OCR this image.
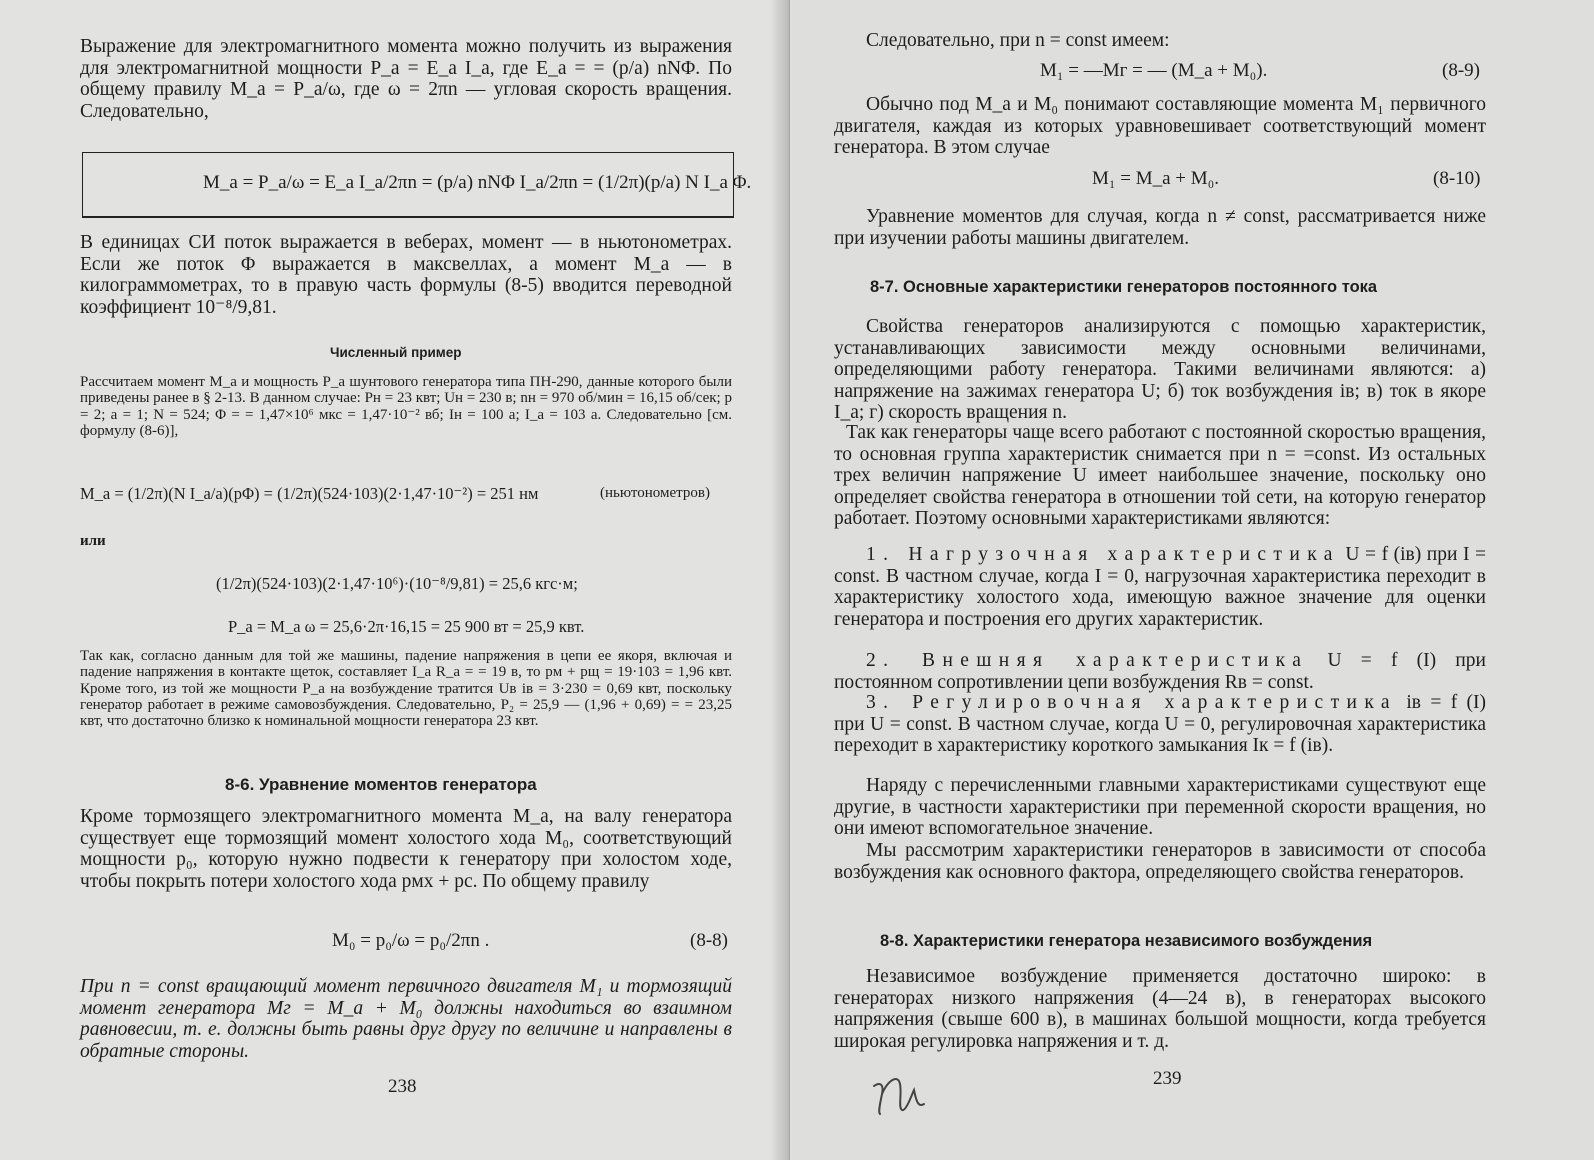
Выражение для электромагнитного момента можно получить из выражения для электромагнитной мощности P_a = E_a I_a, где E_a = = (p/a) nNΦ. По общему правилу M_a = P_a/ω, где ω = 2πn — угловая скорость вращения. Следовательно,

M_a = P_a/ω = E_a I_a/2πn = (p/a) nNΦ I_a/2πn = (1/2π)(p/a) N I_a Φ.

В единицах СИ поток выражается в веберах, момент — в ньютонометрах. Если же поток Φ выражается в максвеллах, а момент M_a — в килограммометрах, то в правую часть формулы (8-5) вводится переводной коэффициент 10⁻⁸/9,81.

Численный пример

Рассчитаем момент M_a и мощность P_a шунтового генератора типа ПН-290, данные которого были приведены ранее в § 2-13. В данном случае: Pн = 23 квт; Uн = 230 в; nн = 970 об/мин = 16,15 об/сек; p = 2; a = 1; N = 524; Φ = = 1,47×10⁶ мкс = 1,47·10⁻² вб; Iн = 100 а; I_a = 103 а. Следовательно [см. формулу (8-6)],

M_a = (1/2π)(N I_a/a)(pΦ) = (1/2π)(524·103)(2·1,47·10⁻²) = 251 нм	(ньютонометров)
или
(1/2π)(524·103)(2·1,47·10⁶)·(10⁻⁸/9,81) = 25,6 кгс·м;
P_a = M_a ω = 25,6·2π·16,15 = 25 900 вт = 25,9 квт.

Так как, согласно данным для той же машины, падение напряжения в цепи ее якоря, включая и падение напряжения в контакте щеток, составляет I_a R_a = = 19 в, то pм + pщ = 19·103 = 1,96 квт. Кроме того, из той же мощности P_a на возбуждение тратится Uв iв = 3·230 = 0,69 квт, поскольку генератор работает в режиме самовозбуждения. Следовательно, P₂ = 25,9 — (1,96 + 0,69) = = 23,25 квт, что достаточно близко к номинальной мощности генератора 23 квт.

8-6. Уравнение моментов генератора

Кроме тормозящего электромагнитного момента M_a, на валу генератора существует еще тормозящий момент холостого хода M₀, соответствующий мощности p₀, которую нужно подвести к генератору при холостом ходе, чтобы покрыть потери холостого хода pмх + pс. По общему правилу

M₀ = p₀/ω = p₀/2πn .	(8-8)

При n = const вращающий момент первичного двигателя M₁ и тормозящий момент генератора Mг = M_a + M₀ должны находиться во взаимном равновесии, т. е. должны быть равны друг другу по величине и направлены в обратные стороны.

238
Следовательно, при n = const имеем:
M₁ = —Mг = — (M_a + M₀).	(8-9)

Обычно под M_a и M₀ понимают составляющие момента M₁ первичного двигателя, каждая из которых уравновешивает соответствующий момент генератора. В этом случае

M₁ = M_a + M₀.	(8-10)

Уравнение моментов для случая, когда n ≠ const, рассматривается ниже при изучении работы машины двигателем.

8-7. Основные характеристики генераторов постоянного тока

Свойства генераторов анализируются с помощью характеристик, устанавливающих зависимости между основными величинами, определяющими работу генератора. Такими величинами являются: а) напряжение на зажимах генератора U; б) ток возбуждения iв; в) ток в якоре I_a; г) скорость вращения n.

Так как генераторы чаще всего работают с постоянной скоростью вращения, то основная группа характеристик снимается при n = =const. Из остальных трех величин напряжение U имеет наибольшее значение, поскольку оно определяет свойства генератора в отношении той сети, на которую генератор работает. Поэтому основными характеристиками являются:

1. Нагрузочная характеристика U = f (iв) при I = const. В частном случае, когда I = 0, нагрузочная характеристика переходит в характеристику холостого хода, имеющую важное значение для оценки генератора и построения его других характеристик.

2. Внешняя характеристика U = f (I) при постоянном сопротивлении цепи возбуждения Rв = const.

3. Регулировочная характеристика iв = f (I) при U = const. В частном случае, когда U = 0, регулировочная характеристика переходит в характеристику короткого замыкания Iк = f (iв).

Наряду с перечисленными главными характеристиками существуют еще другие, в частности характеристики при переменной скорости вращения, но они имеют вспомогательное значение.

Мы рассмотрим характеристики генераторов в зависимости от способа возбуждения как основного фактора, определяющего свойства генераторов.

8-8. Характеристики генератора независимого возбуждения

Независимое возбуждение применяется достаточно широко: в генераторах низкого напряжения (4—24 в), в генераторах высокого напряжения (свыше 600 в), в машинах большой мощности, когда требуется широкая регулировка напряжения и т. д.

239
